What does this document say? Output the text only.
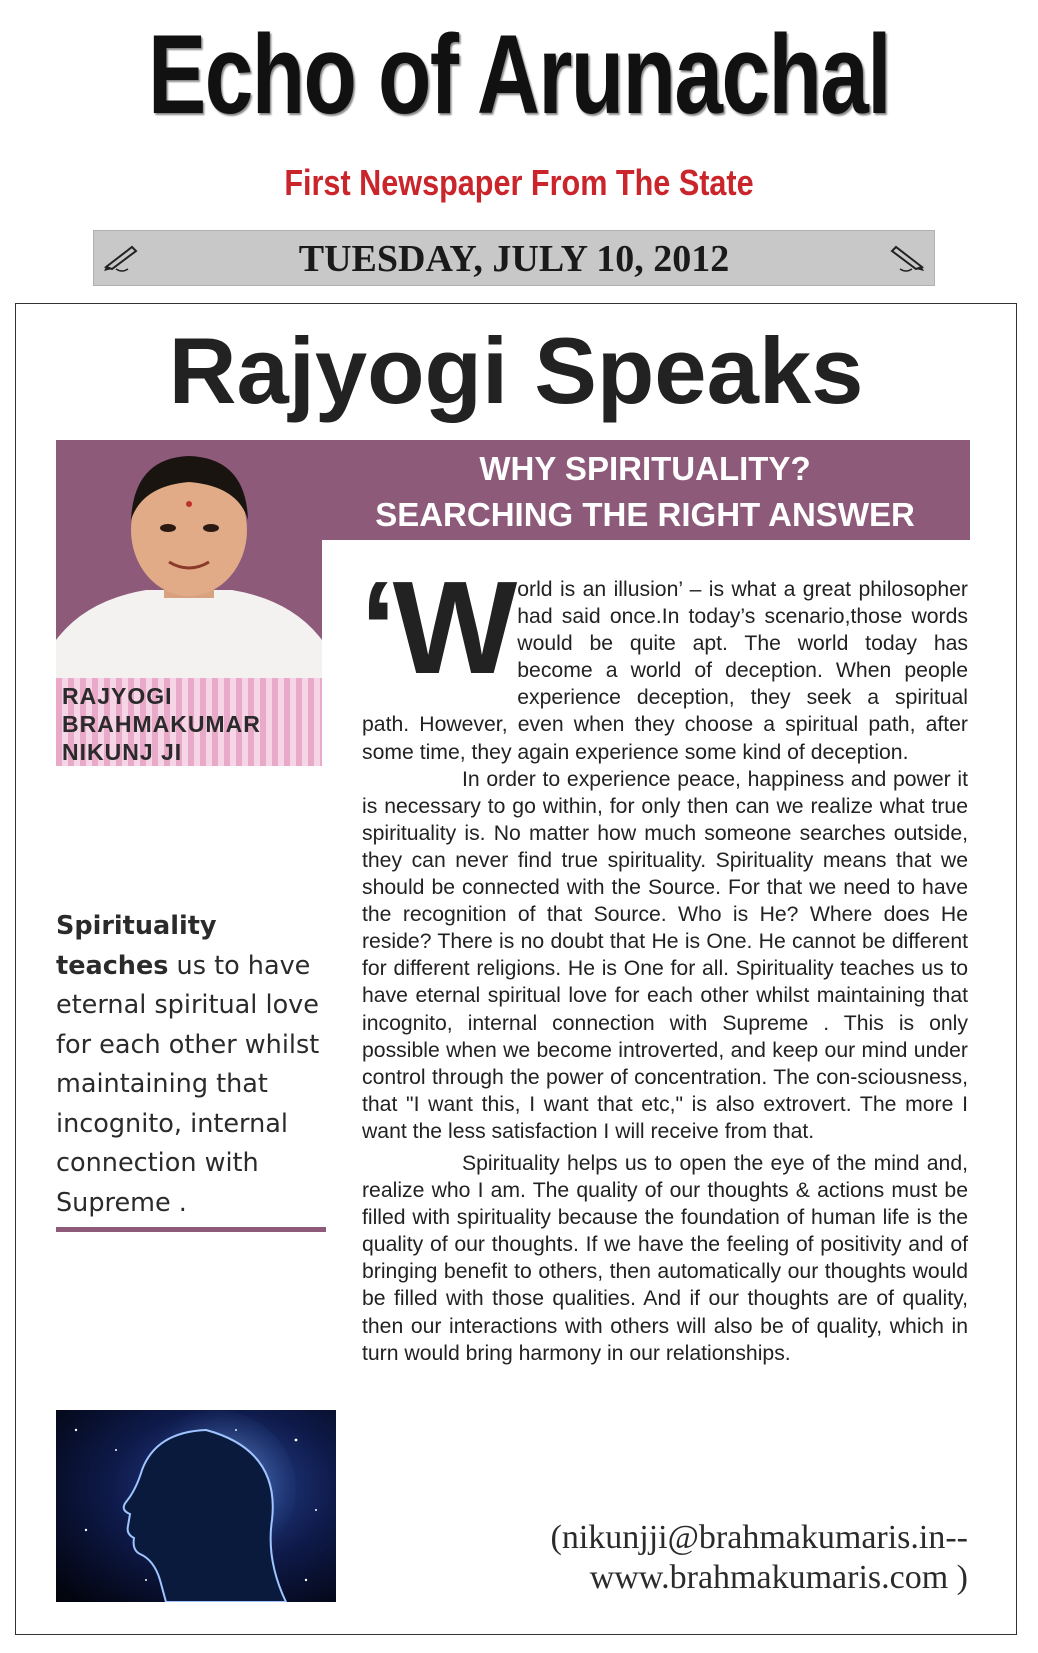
Echo of Arunachal
First Newspaper From The State
TUESDAY, JULY 10, 2012
Rajyogi Speaks
WHY SPIRITUALITY?
SEARCHING THE RIGHT ANSWER

RAJYOGI
BRAHMAKUMAR
NIKUNJ JI

Spirituality teaches us to have eternal spiritual love for each other whilst maintaining that incognito, internal connection with Supreme .

‘W orld is an illusion’ – is what a great philosopher had said once.In today’s scenario,those words would be quite apt. The world today has become a world of deception. When people experience deception, they seek a spiritual path. However, even when they choose a spiritual path, after some time, they again experience some kind of deception.

In order to experience peace, happiness and power it is necessary to go within, for only then can we realize what true spirituality is. No matter how much someone searches outside, they can never find true spirituality. Spirituality means that we should be connected with the Source. For that we need to have the recognition of that Source. Who is He? Where does He reside? There is no doubt that He is One. He cannot be different for different religions. He is One for all. Spirituality teaches us to have eternal spiritual love for each other whilst maintaining that incognito, internal connection with Supreme . This is only possible when we become introverted, and keep our mind under control through the power of concentration. The con-sciousness, that "I want this, I want that etc," is also extrovert. The more I want the less satisfaction I will receive from that.

Spirituality helps us to open the eye of the mind and, realize who I am. The quality of our thoughts & actions must be filled with spirituality because the foundation of human life is the quality of our thoughts. If we have the feeling of positivity and of bringing benefit to others, then automatically our thoughts would be filled with those qualities. And if our thoughts are of quality, then our interactions with others will also be of quality, which in turn would bring harmony in our relationships.

(nikunjji@brahmakumaris.in--
www.brahmakumaris.com )
